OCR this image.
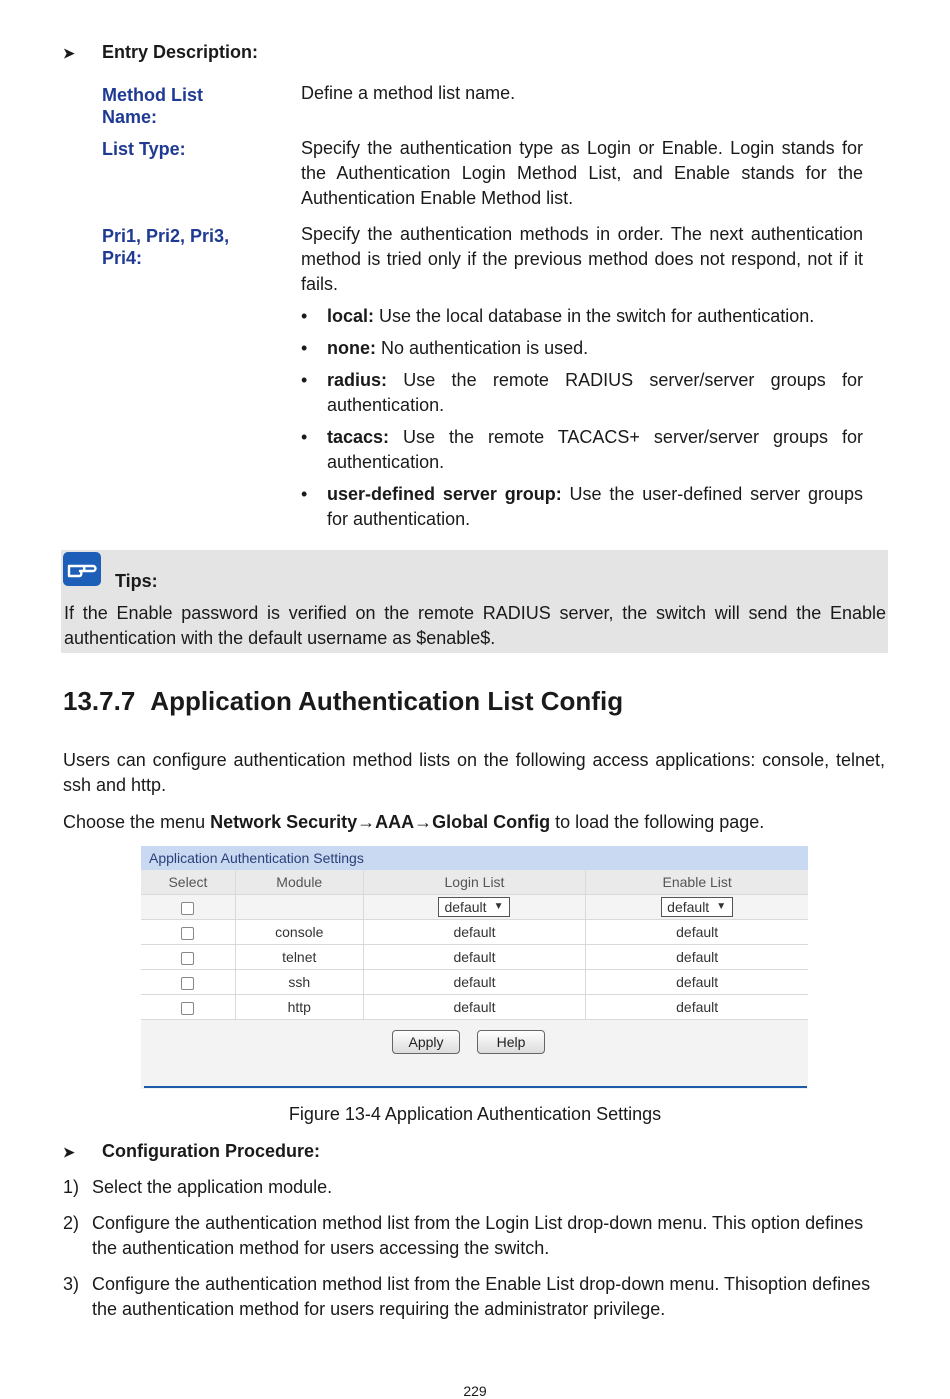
➤ Entry Description:
Method List Name:
Define a method list name.
List Type:	Specify the authentication type as Login or Enable. Login stands for the Authentication Login Method List, and Enable stands for the Authentication Enable Method list.
Pri1, Pri2, Pri3, Pri4:
Specify the authentication methods in order. The next authentication method is tried only if the previous method does not respond, not if it fails.
• local: Use the local database in the switch for authentication.
• none: No authentication is used.
• radius: Use the remote RADIUS server/server groups for authentication.
• tacacs: Use the remote TACACS+ server/server groups for authentication.
• user-defined server group: Use the user-defined server groups for authentication.
Tips:
If the Enable password is verified on the remote RADIUS server, the switch will send the Enable authentication with the default username as $enable$.
13.7.7 Application Authentication List Config
Users can configure authentication method lists on the following access applications: console, telnet, ssh and http.
Choose the menu Network Security→AAA→Global Config to load the following page.
Application Authentication Settings
Select	Module	Login List	Enable List
		default ▼	default ▼

	console	default	default
	telnet	default	default
	ssh	default	default
	http	default	default
Apply	Help
Figure 13-4 Application Authentication Settings
➤ Configuration Procedure:
1) Select the application module.
2) Configure the authentication method list from the Login List drop-down menu. This option defines the authentication method for users accessing the switch.
3) Configure the authentication method list from the Enable List drop-down menu. Thisoption defines the authentication method for users requiring the administrator privilege.
229
